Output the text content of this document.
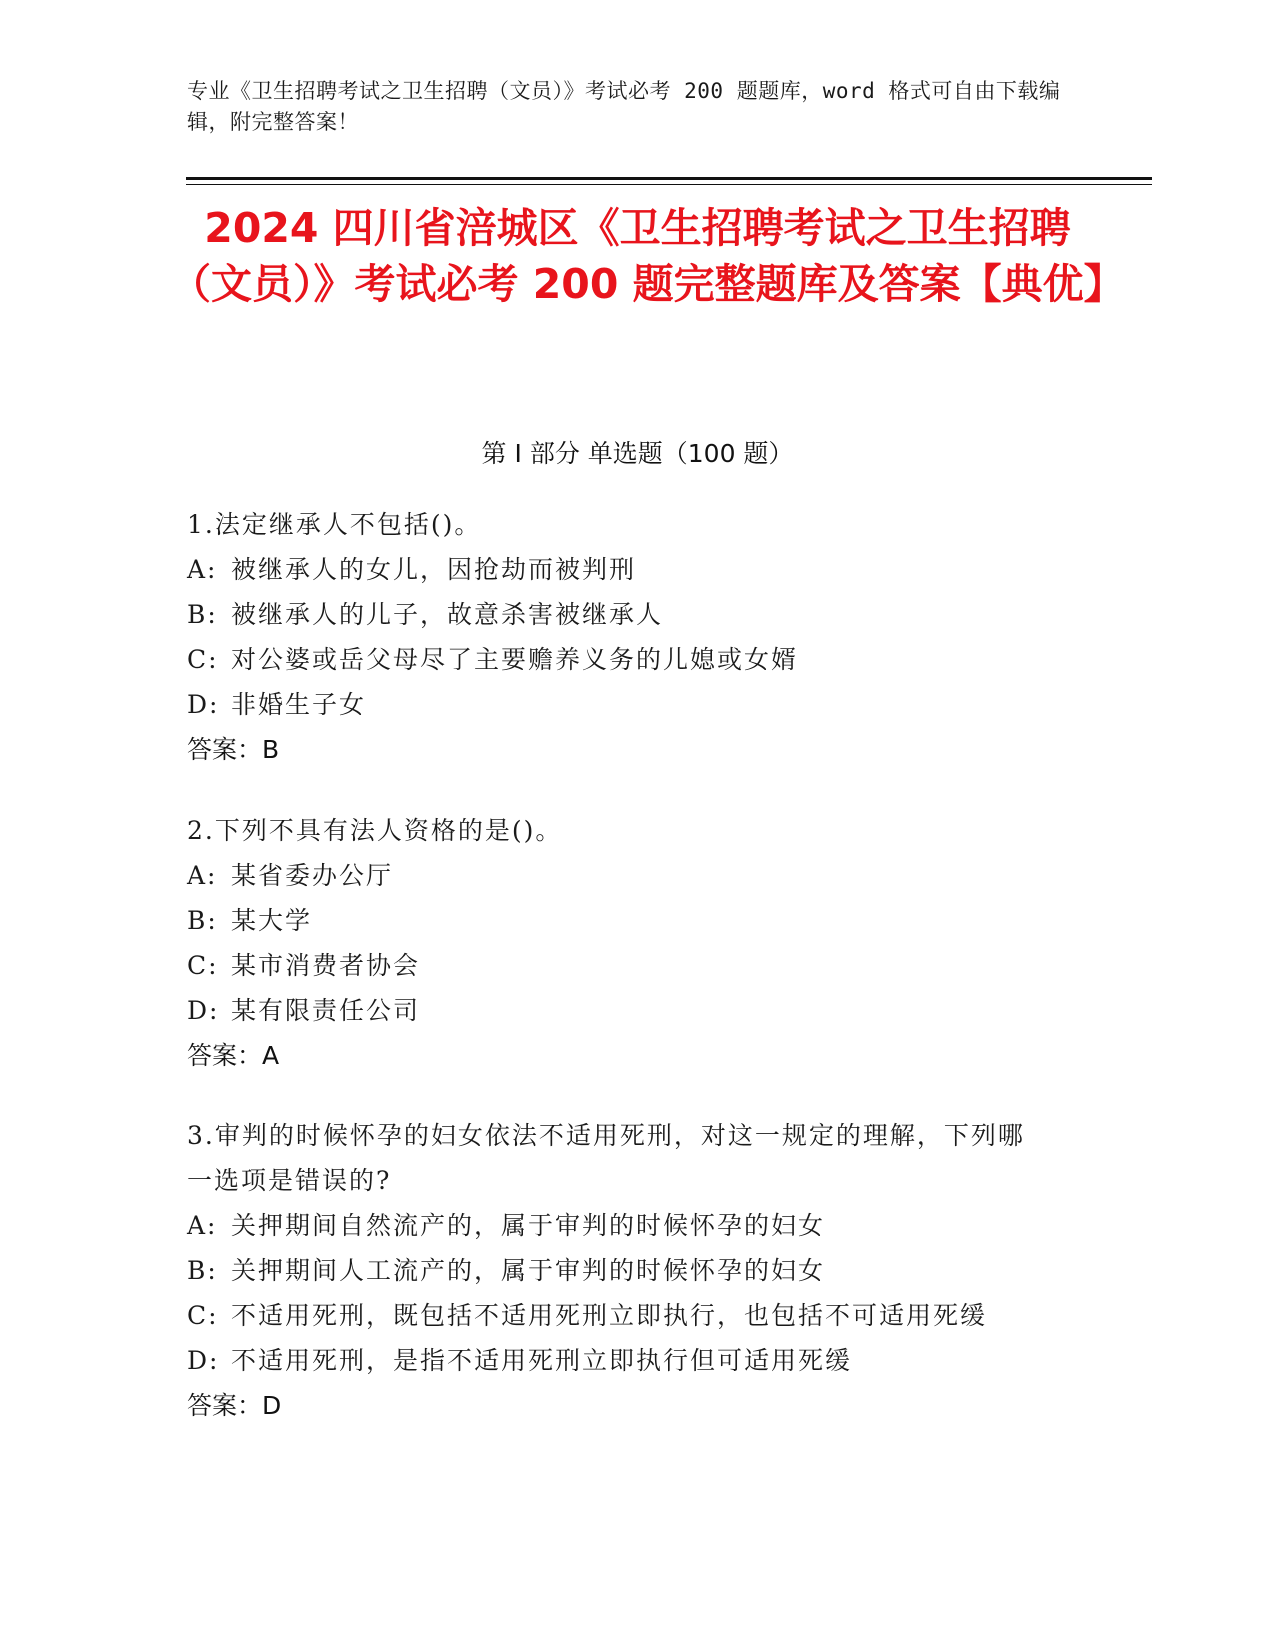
专业《卫生招聘考试之卫生招聘（文员）》考试必考 200 题题库，word 格式可自由下载编辑，附完整答案！
2024 四川省涪城区《卫生招聘考试之卫生招聘（文员）》考试必考 200 题完整题库及答案【典优】
第 I 部分 单选题（100 题）

1.法定继承人不包括()。

A: 被继承人的女儿，因抢劫而被判刑

B: 被继承人的儿子，故意杀害被继承人

C: 对公婆或岳父母尽了主要赡养义务的儿媳或女婿

D: 非婚生子女

答案：B

2.下列不具有法人资格的是()。

A: 某省委办公厅

B: 某大学

C: 某市消费者协会

D: 某有限责任公司

答案：A

3.审判的时候怀孕的妇女依法不适用死刑，对这一规定的理解，下列哪一选项是错误的?

A: 关押期间自然流产的，属于审判的时候怀孕的妇女

B: 关押期间人工流产的，属于审判的时候怀孕的妇女

C: 不适用死刑，既包括不适用死刑立即执行，也包括不可适用死缓

D: 不适用死刑，是指不适用死刑立即执行但可适用死缓

答案：D
